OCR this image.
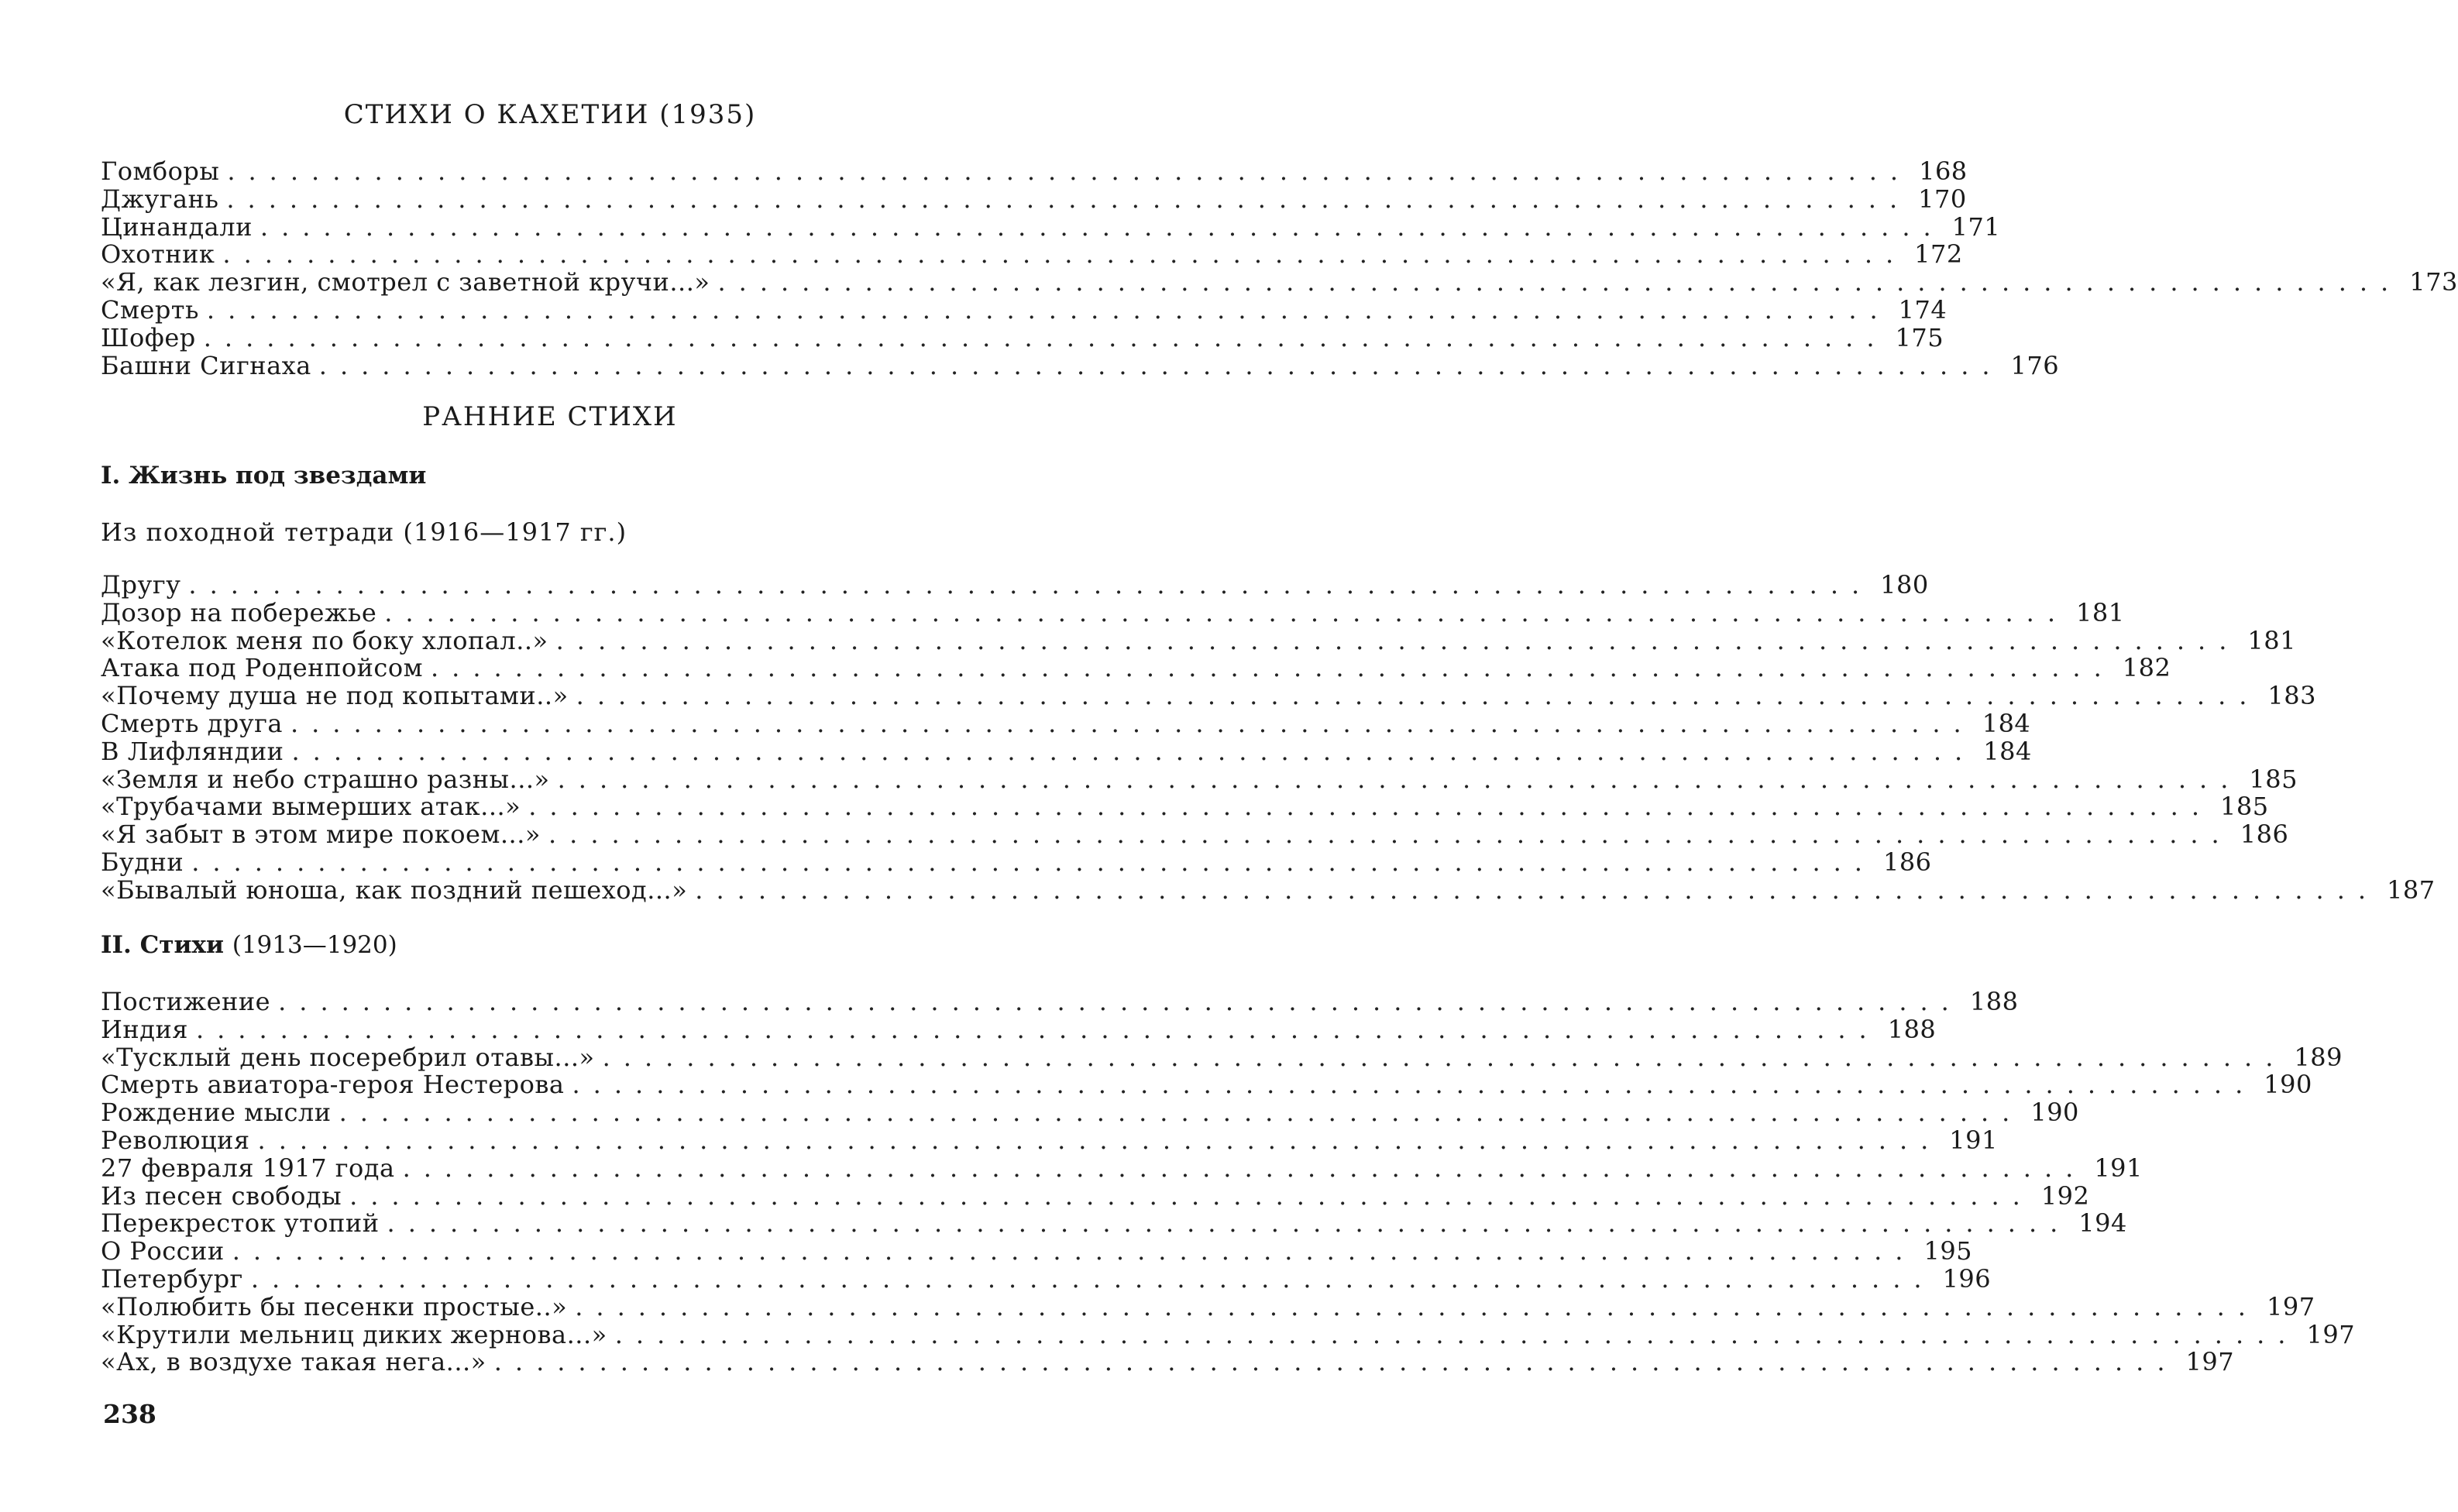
СТИХИ О КАХЕТИИ (1935)
Гомборы ................................................................................ 168
Джугань ................................................................................ 170
Цинандали ................................................................................ 171
Охотник ................................................................................ 172
«Я, как лезгин, смотрел с заветной кручи...» ................................................................................ 173
Смерть ................................................................................ 174
Шофер ................................................................................ 175
Башни Сигнаха ................................................................................ 176
РАННИЕ СТИХИ
I. Жизнь под звездами
Из походной тетради (1916—1917 гг.)
Другу ................................................................................ 180
Дозор на побережье ................................................................................ 181
«Котелок меня по боку хлопал..» ................................................................................ 181
Атака под Роденпойсом ................................................................................ 182
«Почему душа не под копытами..» ................................................................................ 183
Смерть друга ................................................................................ 184
В Лифляндии ................................................................................ 184
«Земля и небо страшно разны...» ................................................................................ 185
«Трубачами вымерших атак...» ................................................................................ 185
«Я забыт в этом мире покоем...» ................................................................................ 186
Будни ................................................................................ 186
«Бывалый юноша, как поздний пешеход...» ................................................................................ 187
II. Стихи (1913—1920)
Постижение ................................................................................ 188
Индия ................................................................................ 188
«Тусклый день посеребрил отавы...» ................................................................................ 189
Смерть авиатора-героя Нестерова ................................................................................ 190
Рождение мысли ................................................................................ 190
Революция ................................................................................ 191
27 февраля 1917 года ................................................................................ 191
Из песен свободы ................................................................................ 192
Перекресток утопий ................................................................................ 194
О России ................................................................................ 195
Петербург ................................................................................ 196
«Полюбить бы песенки простые..» ................................................................................ 197
«Крутили мельниц диких жернова...» ................................................................................ 197
«Ах, в воздухе такая нега...» ................................................................................ 197
238
